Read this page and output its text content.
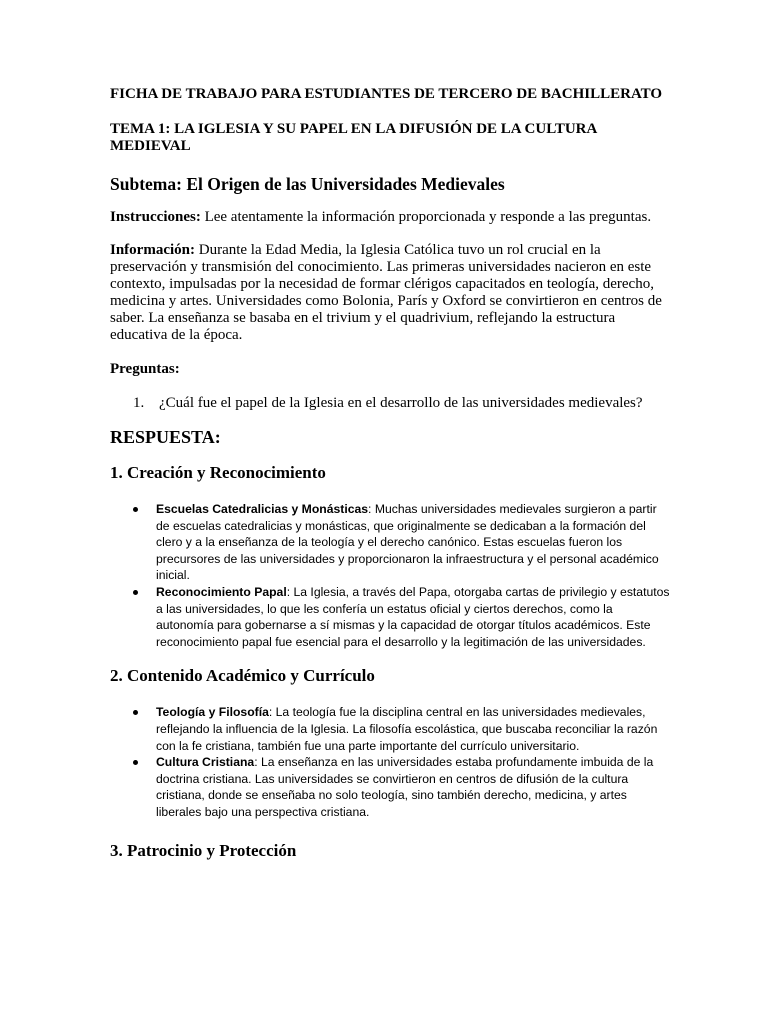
FICHA DE TRABAJO PARA ESTUDIANTES DE TERCERO DE BACHILLERATO

TEMA 1: LA IGLESIA Y SU PAPEL EN LA DIFUSIÓN DE LA CULTURA MEDIEVAL

Subtema: El Origen de las Universidades Medievales

Instrucciones: Lee atentamente la información proporcionada y responde a las preguntas.

Información: Durante la Edad Media, la Iglesia Católica tuvo un rol crucial en la preservación y transmisión del conocimiento. Las primeras universidades nacieron en este contexto, impulsadas por la necesidad de formar clérigos capacitados en teología, derecho, medicina y artes. Universidades como Bolonia, París y Oxford se convirtieron en centros de saber. La enseñanza se basaba en el trivium y el quadrivium, reflejando la estructura educativa de la época.

Preguntas:

1. ¿Cuál fue el papel de la Iglesia en el desarrollo de las universidades medievales?
RESPUESTA:
1. Creación y Reconocimiento
Escuelas Catedralicias y Monásticas: Muchas universidades medievales surgieron a partir de escuelas catedralicias y monásticas, que originalmente se dedicaban a la formación del clero y a la enseñanza de la teología y el derecho canónico. Estas escuelas fueron los precursores de las universidades y proporcionaron la infraestructura y el personal académico inicial.
Reconocimiento Papal: La Iglesia, a través del Papa, otorgaba cartas de privilegio y estatutos a las universidades, lo que les confería un estatus oficial y ciertos derechos, como la autonomía para gobernarse a sí mismas y la capacidad de otorgar títulos académicos. Este reconocimiento papal fue esencial para el desarrollo y la legitimación de las universidades.
2. Contenido Académico y Currículo
Teología y Filosofía: La teología fue la disciplina central en las universidades medievales, reflejando la influencia de la Iglesia. La filosofía escolástica, que buscaba reconciliar la razón con la fe cristiana, también fue una parte importante del currículo universitario.
Cultura Cristiana: La enseñanza en las universidades estaba profundamente imbuida de la doctrina cristiana. Las universidades se convirtieron en centros de difusión de la cultura cristiana, donde se enseñaba no solo teología, sino también derecho, medicina, y artes liberales bajo una perspectiva cristiana.
3. Patrocinio y Protección
